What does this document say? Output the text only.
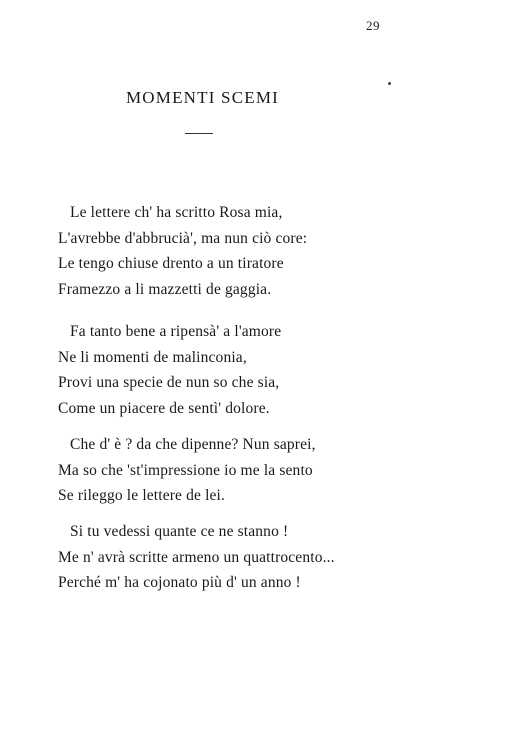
29
MOMENTI SCEMI
Le lettere ch' ha scritto Rosa mia,
L'avrebbe d'abbrucià', ma nun ciò core:
Le tengo chiuse drento a un tiratore
Framezzo a li mazzetti de gaggia.
Fa tanto bene a ripensà' a l'amore
Ne li momenti de malinconia,
Provi una specie de nun so che sia,
Come un piacere de sentì' dolore.
Che d' è ? da che dipenne? Nun saprei,
Ma so che 'st'impressione io me la sento
Se rileggo le lettere de lei.
Si tu vedessi quante ce ne stanno !
Me n' avrà scritte armeno un quattrocento...
Perché m' ha cojonato più d' un anno !
